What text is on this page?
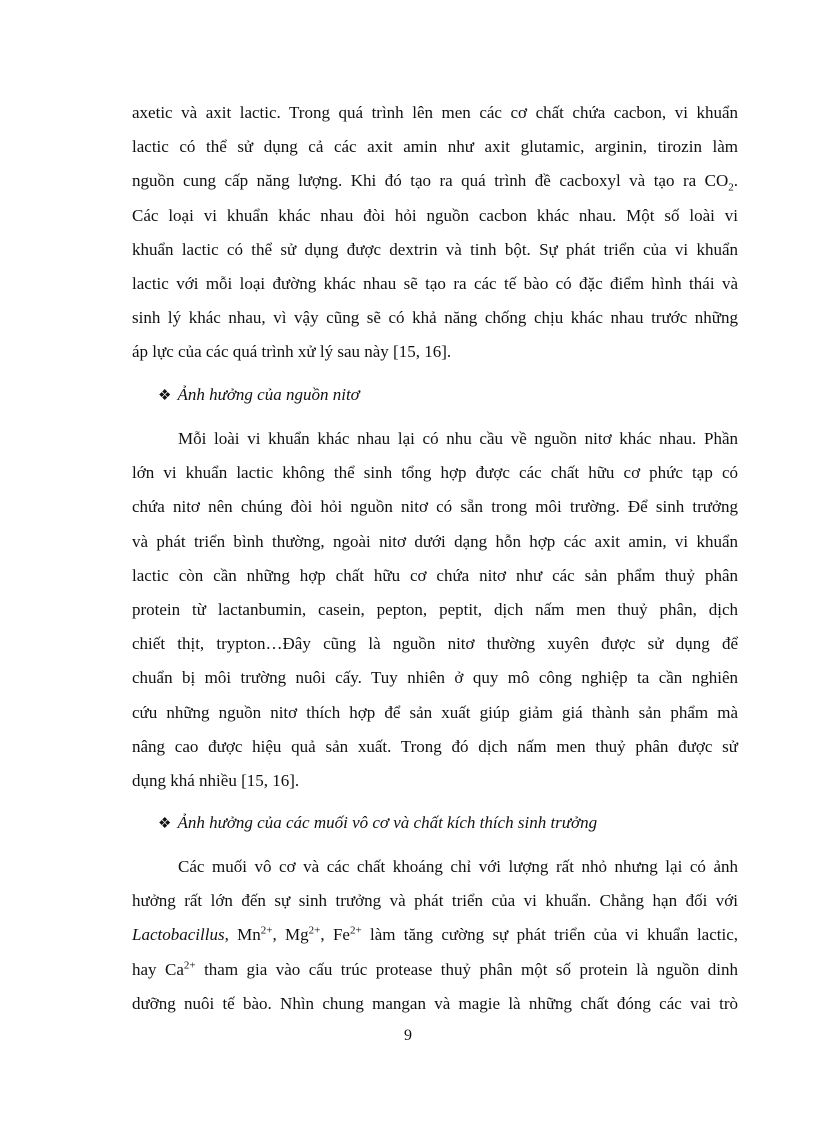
axetic và axit lactic. Trong quá trình lên men các cơ chất chứa cacbon, vi khuẩn
lactic có thể sử dụng cả các axit amin như axit glutamic, arginin, tirozin làm
nguồn cung cấp năng lượng. Khi đó tạo ra quá trình đề cacboxyl và tạo ra $CO_2$.
Các loại vi khuẩn khác nhau đòi hỏi nguồn cacbon khác nhau. Một số loài vi
khuẩn lactic có thể sử dụng được dextrin và tinh bột. Sự phát triển của vi khuẩn
lactic với mỗi loại đường khác nhau sẽ tạo ra các tế bào có đặc điểm hình thái và
sinh lý khác nhau, vì vậy cũng sẽ có khả năng chống chịu khác nhau trước những
áp lực của các quá trình xử lý sau này [15, 16].
❖ Ảnh hưởng của nguồn nitơ
Mỗi loài vi khuẩn khác nhau lại có nhu cầu về nguồn nitơ khác nhau. Phần
lớn vi khuẩn lactic không thể sinh tổng hợp được các chất hữu cơ phức tạp có
chứa nitơ nên chúng đòi hỏi nguồn nitơ có sẵn trong môi trường. Để sinh trưởng
và phát triển bình thường, ngoài nitơ dưới dạng hỗn hợp các axit amin, vi khuẩn
lactic còn cần những hợp chất hữu cơ chứa nitơ như các sản phẩm thuỷ phân
protein từ lactanbumin, casein, pepton, peptit, dịch nấm men thuỷ phân, dịch
chiết thịt, trypton…Đây cũng là nguồn nitơ thường xuyên được sử dụng để
chuẩn bị môi trường nuôi cấy. Tuy nhiên ở quy mô công nghiệp ta cần nghiên
cứu những nguồn nitơ thích hợp để sản xuất giúp giảm giá thành sản phẩm mà
nâng cao được hiệu quả sản xuất. Trong đó dịch nấm men thuỷ phân được sử
dụng khá nhiều [15, 16].
❖ Ảnh hưởng của các muối vô cơ và chất kích thích sinh trưởng
Các muối vô cơ và các chất khoáng chỉ với lượng rất nhỏ nhưng lại có ảnh
hưởng rất lớn đến sự sinh trưởng và phát triển của vi khuẩn. Chẳng hạn đối với
Lactobacillus, $Mn^{2+}$, $Mg^{2+}$, $Fe^{2+}$ làm tăng cường sự phát triển của vi khuẩn lactic,
hay $Ca^{2+}$ tham gia vào cấu trúc protease thuỷ phân một số protein là nguồn dinh
dưỡng nuôi tế bào. Nhìn chung mangan và magie là những chất đóng các vai trò
9
